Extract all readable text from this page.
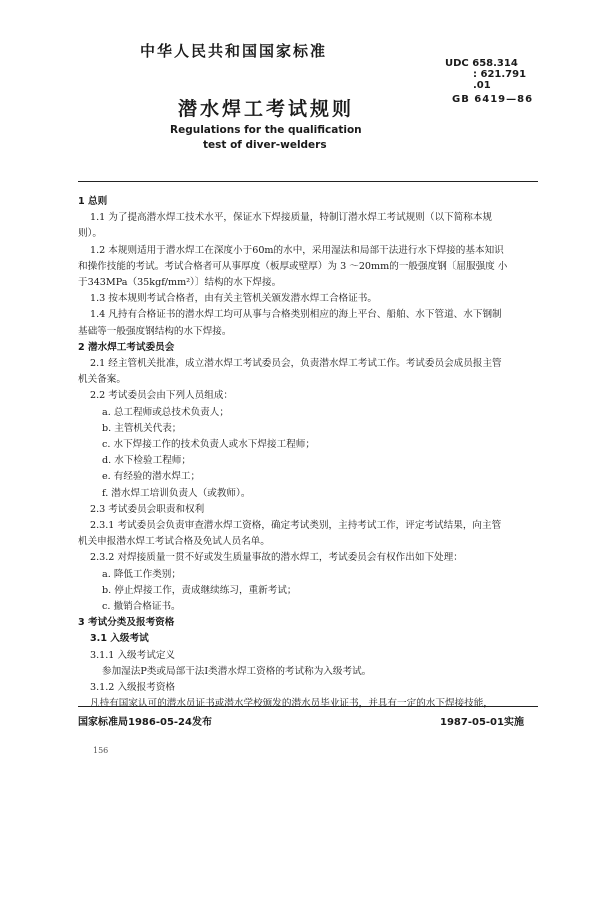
中华人民共和国国家标准
UDC 658.314
: 621.791
.01
GB 6419—86
潜水焊工考试规则
Regulations for the qualification
test of diver-welders
1 总则
1.1 为了提高潜水焊工技术水平，保证水下焊接质量，特制订潜水焊工考试规则（以下简称本规
则）。
1.2 本规则适用于潜水焊工在深度小于60m的水中，采用湿法和局部干法进行水下焊接的基本知识
和操作技能的考试。考试合格者可从事厚度（板厚或壁厚）为 3 ～20mm的一般强度钢〔屈服强度 小
于343MPa（35kgf/mm²）〕结构的水下焊接。
1.3 按本规则考试合格者，由有关主管机关颁发潜水焊工合格证书。
1.4 凡持有合格证书的潜水焊工均可从事与合格类别相应的海上平台、船舶、水下管道、水下钢制
基础等一般强度钢结构的水下焊接。
2 潜水焊工考试委员会
2.1 经主管机关批准，成立潜水焊工考试委员会，负责潜水焊工考试工作。考试委员会成员报主管
机关备案。
2.2 考试委员会由下列人员组成：
a. 总工程师或总技术负责人；
b. 主管机关代表；
c. 水下焊接工作的技术负责人或水下焊接工程师；
d. 水下检验工程师；
e. 有经验的潜水焊工；
f. 潜水焊工培训负责人（或教师）。
2.3 考试委员会职责和权利
2.3.1 考试委员会负责审查潜水焊工资格，确定考试类别，主持考试工作，评定考试结果，向主管
机关申报潜水焊工考试合格及免试人员名单。
2.3.2 对焊接质量一贯不好或发生质量事故的潜水焊工，考试委员会有权作出如下处理：
a. 降低工作类别；
b. 停止焊接工作，责成继续练习，重新考试；
c. 撤销合格证书。
3 考试分类及报考资格
3.1 入级考试
3.1.1 入级考试定义
参加湿法P类或局部干法Ⅰ类潜水焊工资格的考试称为入级考试。
3.1.2 入级报考资格
凡持有国家认可的潜水员证书或潜水学校颁发的潜水员毕业证书，并具有一定的水下焊接技能，
国家标准局1986-05-24发布	1987-05-01实施
156
